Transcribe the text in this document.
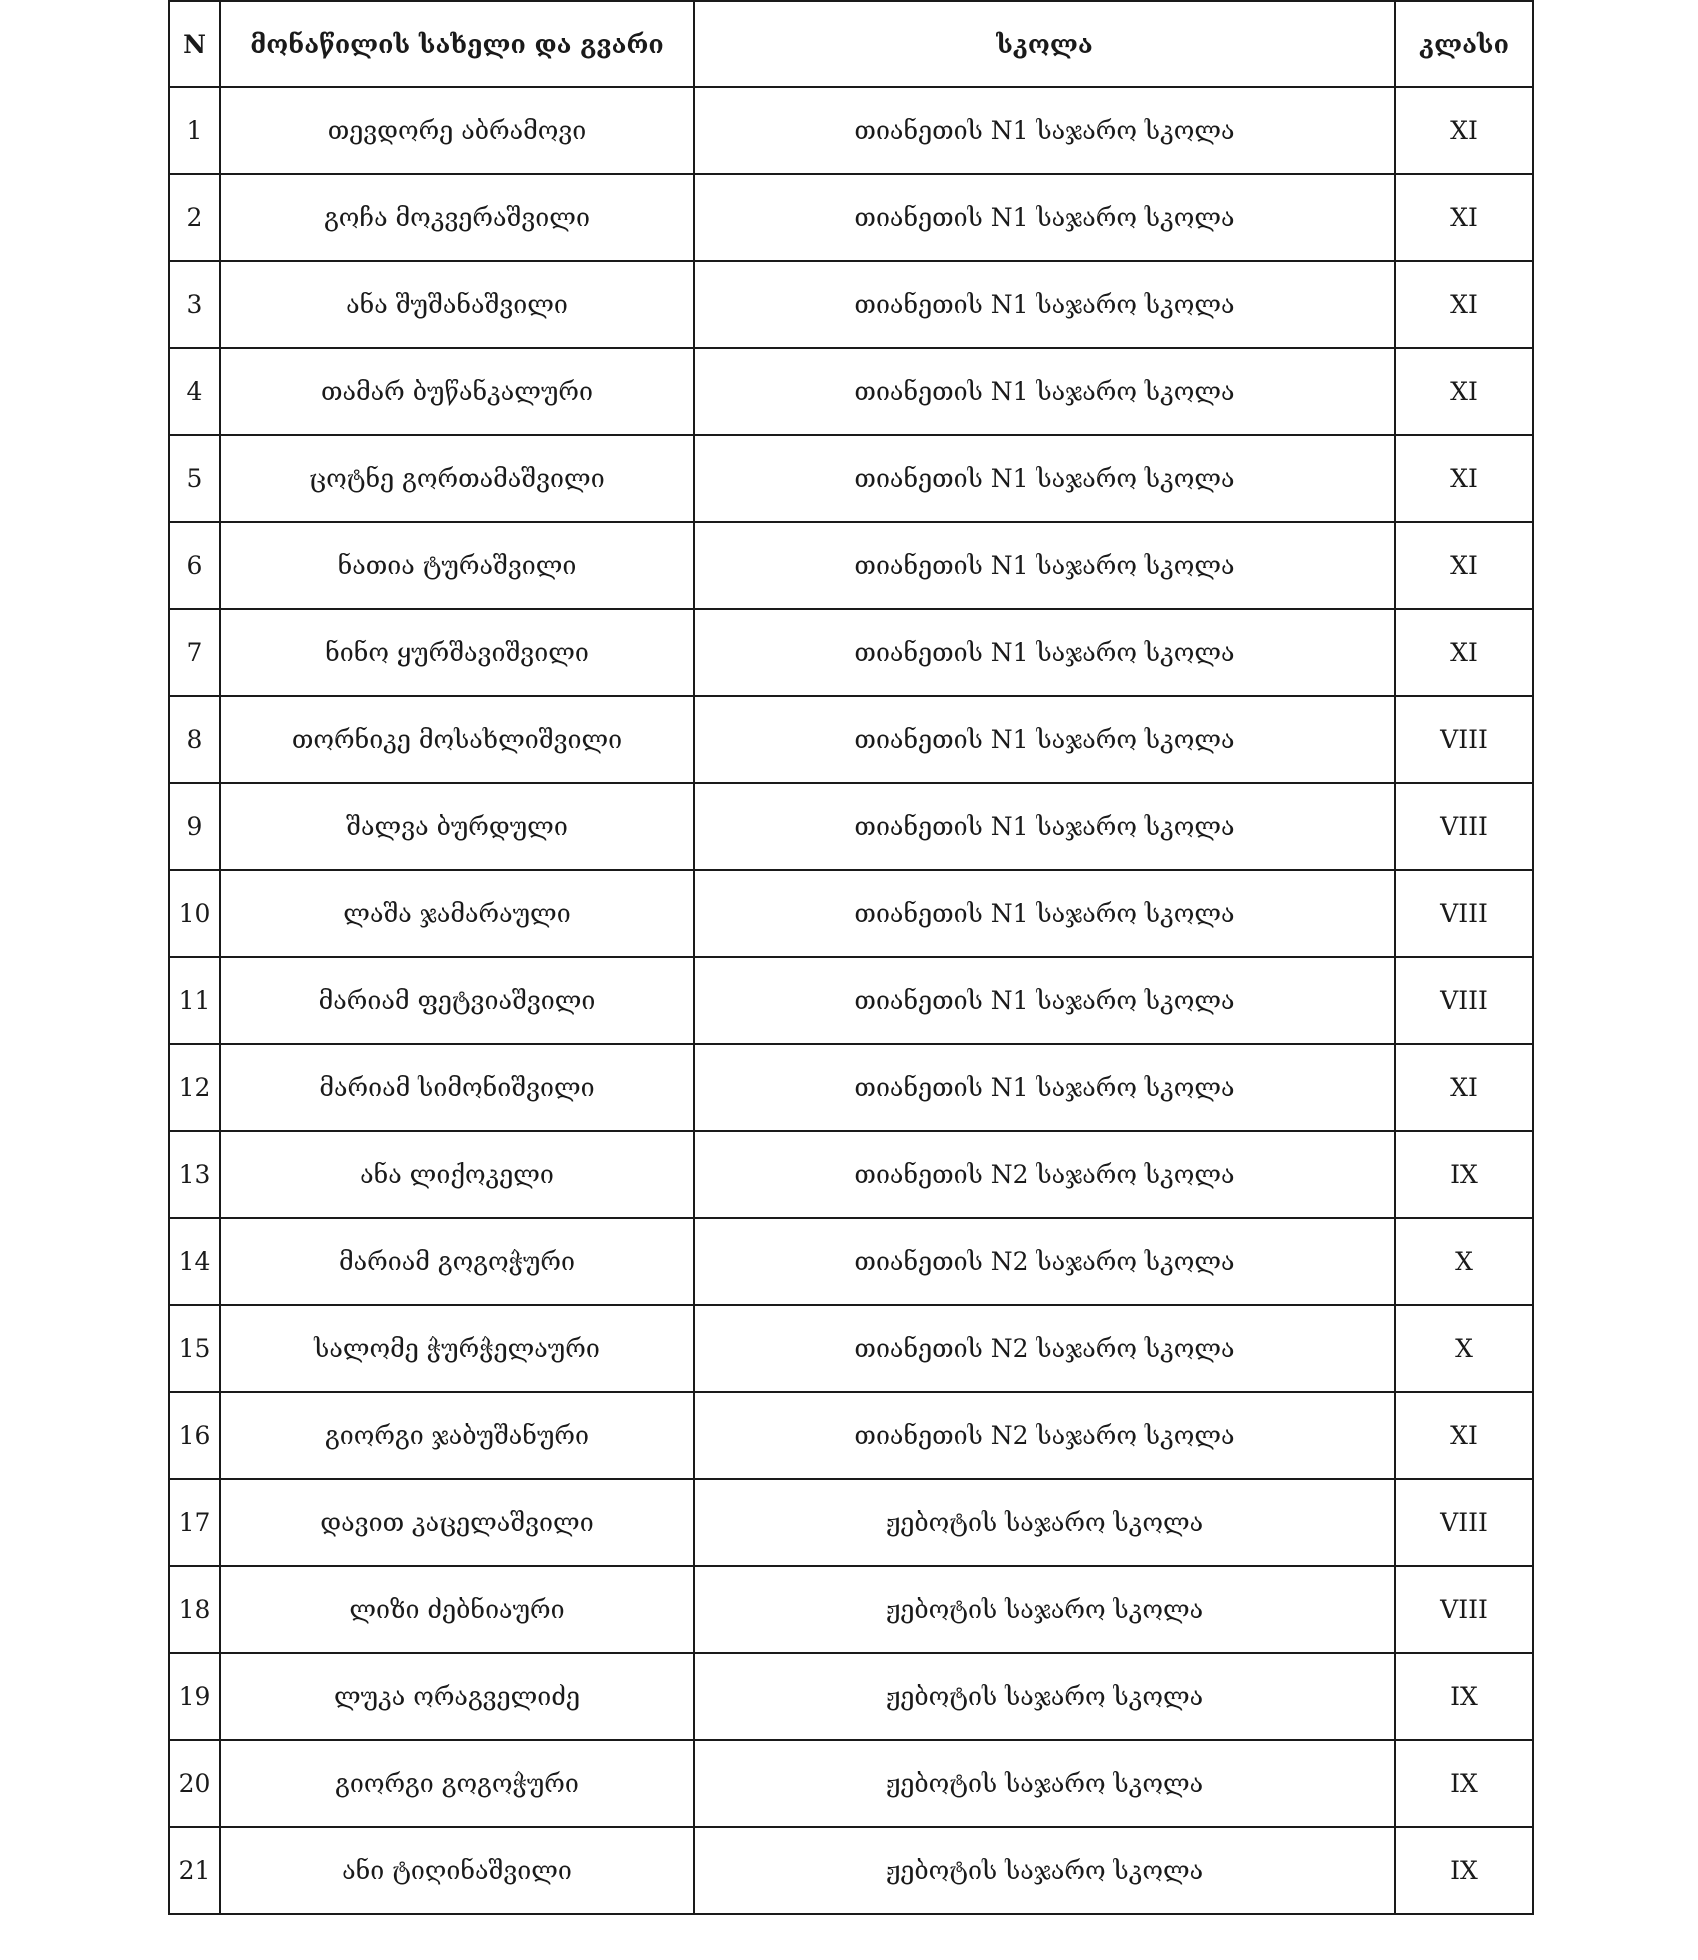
N	მონაწილის სახელი და გვარი	სკოლა	კლასი
1	თევდორე აბრამოვი	თიანეთის N1 საჯარო სკოლა	XI
2	გოჩა მოკვერაშვილი	თიანეთის N1 საჯარო სკოლა	XI
3	ანა შუშანაშვილი	თიანეთის N1 საჯარო სკოლა	XI
4	თამარ ბუწანკალური	თიანეთის N1 საჯარო სკოლა	XI
5	ცოტნე გორთამაშვილი	თიანეთის N1 საჯარო სკოლა	XI
6	ნათია ტურაშვილი	თიანეთის N1 საჯარო სკოლა	XI
7	ნინო ყურშავიშვილი	თიანეთის N1 საჯარო სკოლა	XI
8	თორნიკე მოსახლიშვილი	თიანეთის N1 საჯარო სკოლა	VIII
9	შალვა ბურდული	თიანეთის N1 საჯარო სკოლა	VIII
10	ლაშა ჯამარაული	თიანეთის N1 საჯარო სკოლა	VIII
11	მარიამ ფეტვიაშვილი	თიანეთის N1 საჯარო სკოლა	VIII
12	მარიამ სიმონიშვილი	თიანეთის N1 საჯარო სკოლა	XI
13	ანა ლიქოკელი	თიანეთის N2 საჯარო სკოლა	IX
14	მარიამ გოგოჭური	თიანეთის N2 საჯარო სკოლა	X
15	სალომე ჭურჭელაური	თიანეთის N2 საჯარო სკოლა	X
16	გიორგი ჯაბუშანური	თიანეთის N2 საჯარო სკოლა	XI
17	დავით კაცელაშვილი	ჟებოტის საჯარო სკოლა	VIII
18	ლიზი ძებნიაური	ჟებოტის საჯარო სკოლა	VIII
19	ლუკა ორაგველიძე	ჟებოტის საჯარო სკოლა	IX
20	გიორგი გოგოჭური	ჟებოტის საჯარო სკოლა	IX
21	ანი ტიღინაშვილი	ჟებოტის საჯარო სკოლა	IX
